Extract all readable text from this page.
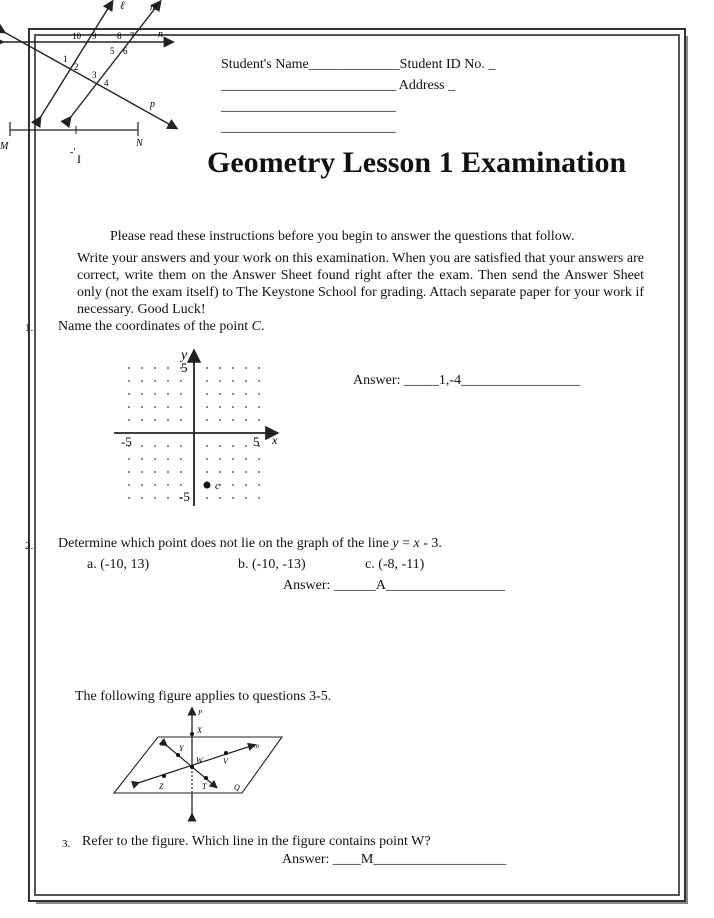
ℓ	m
n
p
M	N
10 9 8 7
5 6
1
2
3
4
-' I
Student's Name_____________Student ID No. _
_________________________ Address _
_________________________
_________________________
Geometry Lesson 1 Examination
Please read these instructions before you begin to answer the questions that follow.
Write your answers and your work on this examination. When you are satisfied that your answers are correct, write them on the Answer Sheet found right after the exam. Then send the Answer Sheet only (not the exam itself) to The Keystone School for grading. Attach separate paper for your work if necessary. Good Luck!
1. Name the coordinates of the point C.
y
x
5
-5
-5	5
c
Answer: _____1,-4_________________
2. Determine which point does not lie on the graph of the line y = x - 3.
a. (-10, 13)	b. (-10, -13)	c. (-8, -11)
Answer: ______A_________________
The following figure applies to questions 3-5.
P
X
n Y
W
m
V
Z	T	Q
3. Refer to the figure. Which line in the figure contains point W?
Answer: ____M___________________
